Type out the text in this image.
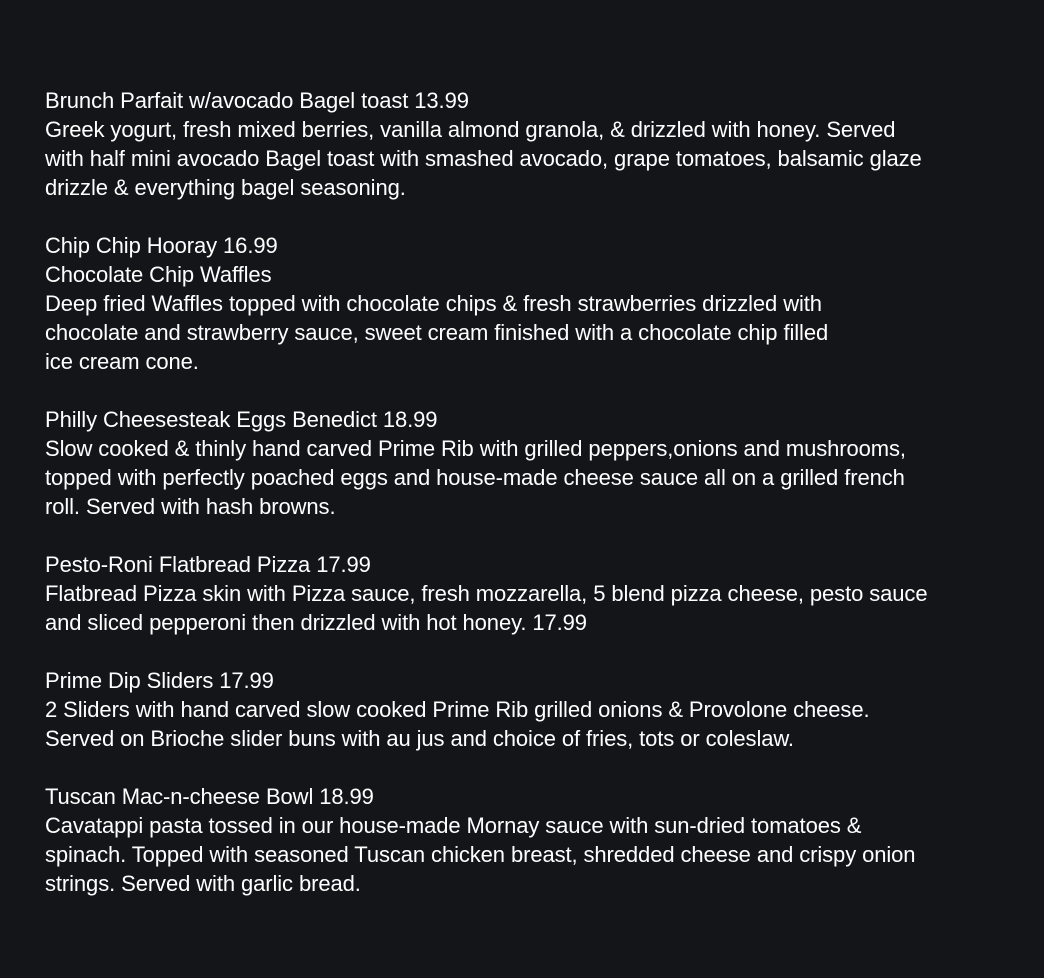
Brunch Parfait w/avocado Bagel toast 13.99
Greek yogurt, fresh mixed berries, vanilla almond granola, & drizzled with honey. Served
with half mini avocado Bagel toast with smashed avocado, grape tomatoes, balsamic glaze
drizzle & everything bagel seasoning.
Chip Chip Hooray 16.99
Chocolate Chip Waffles
Deep fried Waffles topped with chocolate chips & fresh strawberries drizzled with
chocolate and strawberry sauce, sweet cream finished with a chocolate chip filled
ice cream cone.
Philly Cheesesteak Eggs Benedict 18.99
Slow cooked & thinly hand carved Prime Rib with grilled peppers,onions and mushrooms,
topped with perfectly poached eggs and house-made cheese sauce all on a grilled french
roll. Served with hash browns.
Pesto-Roni Flatbread Pizza 17.99
Flatbread Pizza skin with Pizza sauce, fresh mozzarella, 5 blend pizza cheese, pesto sauce
and sliced pepperoni then drizzled with hot honey. 17.99
Prime Dip Sliders 17.99
2 Sliders with hand carved slow cooked Prime Rib grilled onions & Provolone cheese.
Served on Brioche slider buns with au jus and choice of fries, tots or coleslaw.
Tuscan Mac-n-cheese Bowl 18.99
Cavatappi pasta tossed in our house-made Mornay sauce with sun-dried tomatoes &
spinach. Topped with seasoned Tuscan chicken breast, shredded cheese and crispy onion
strings. Served with garlic bread.
